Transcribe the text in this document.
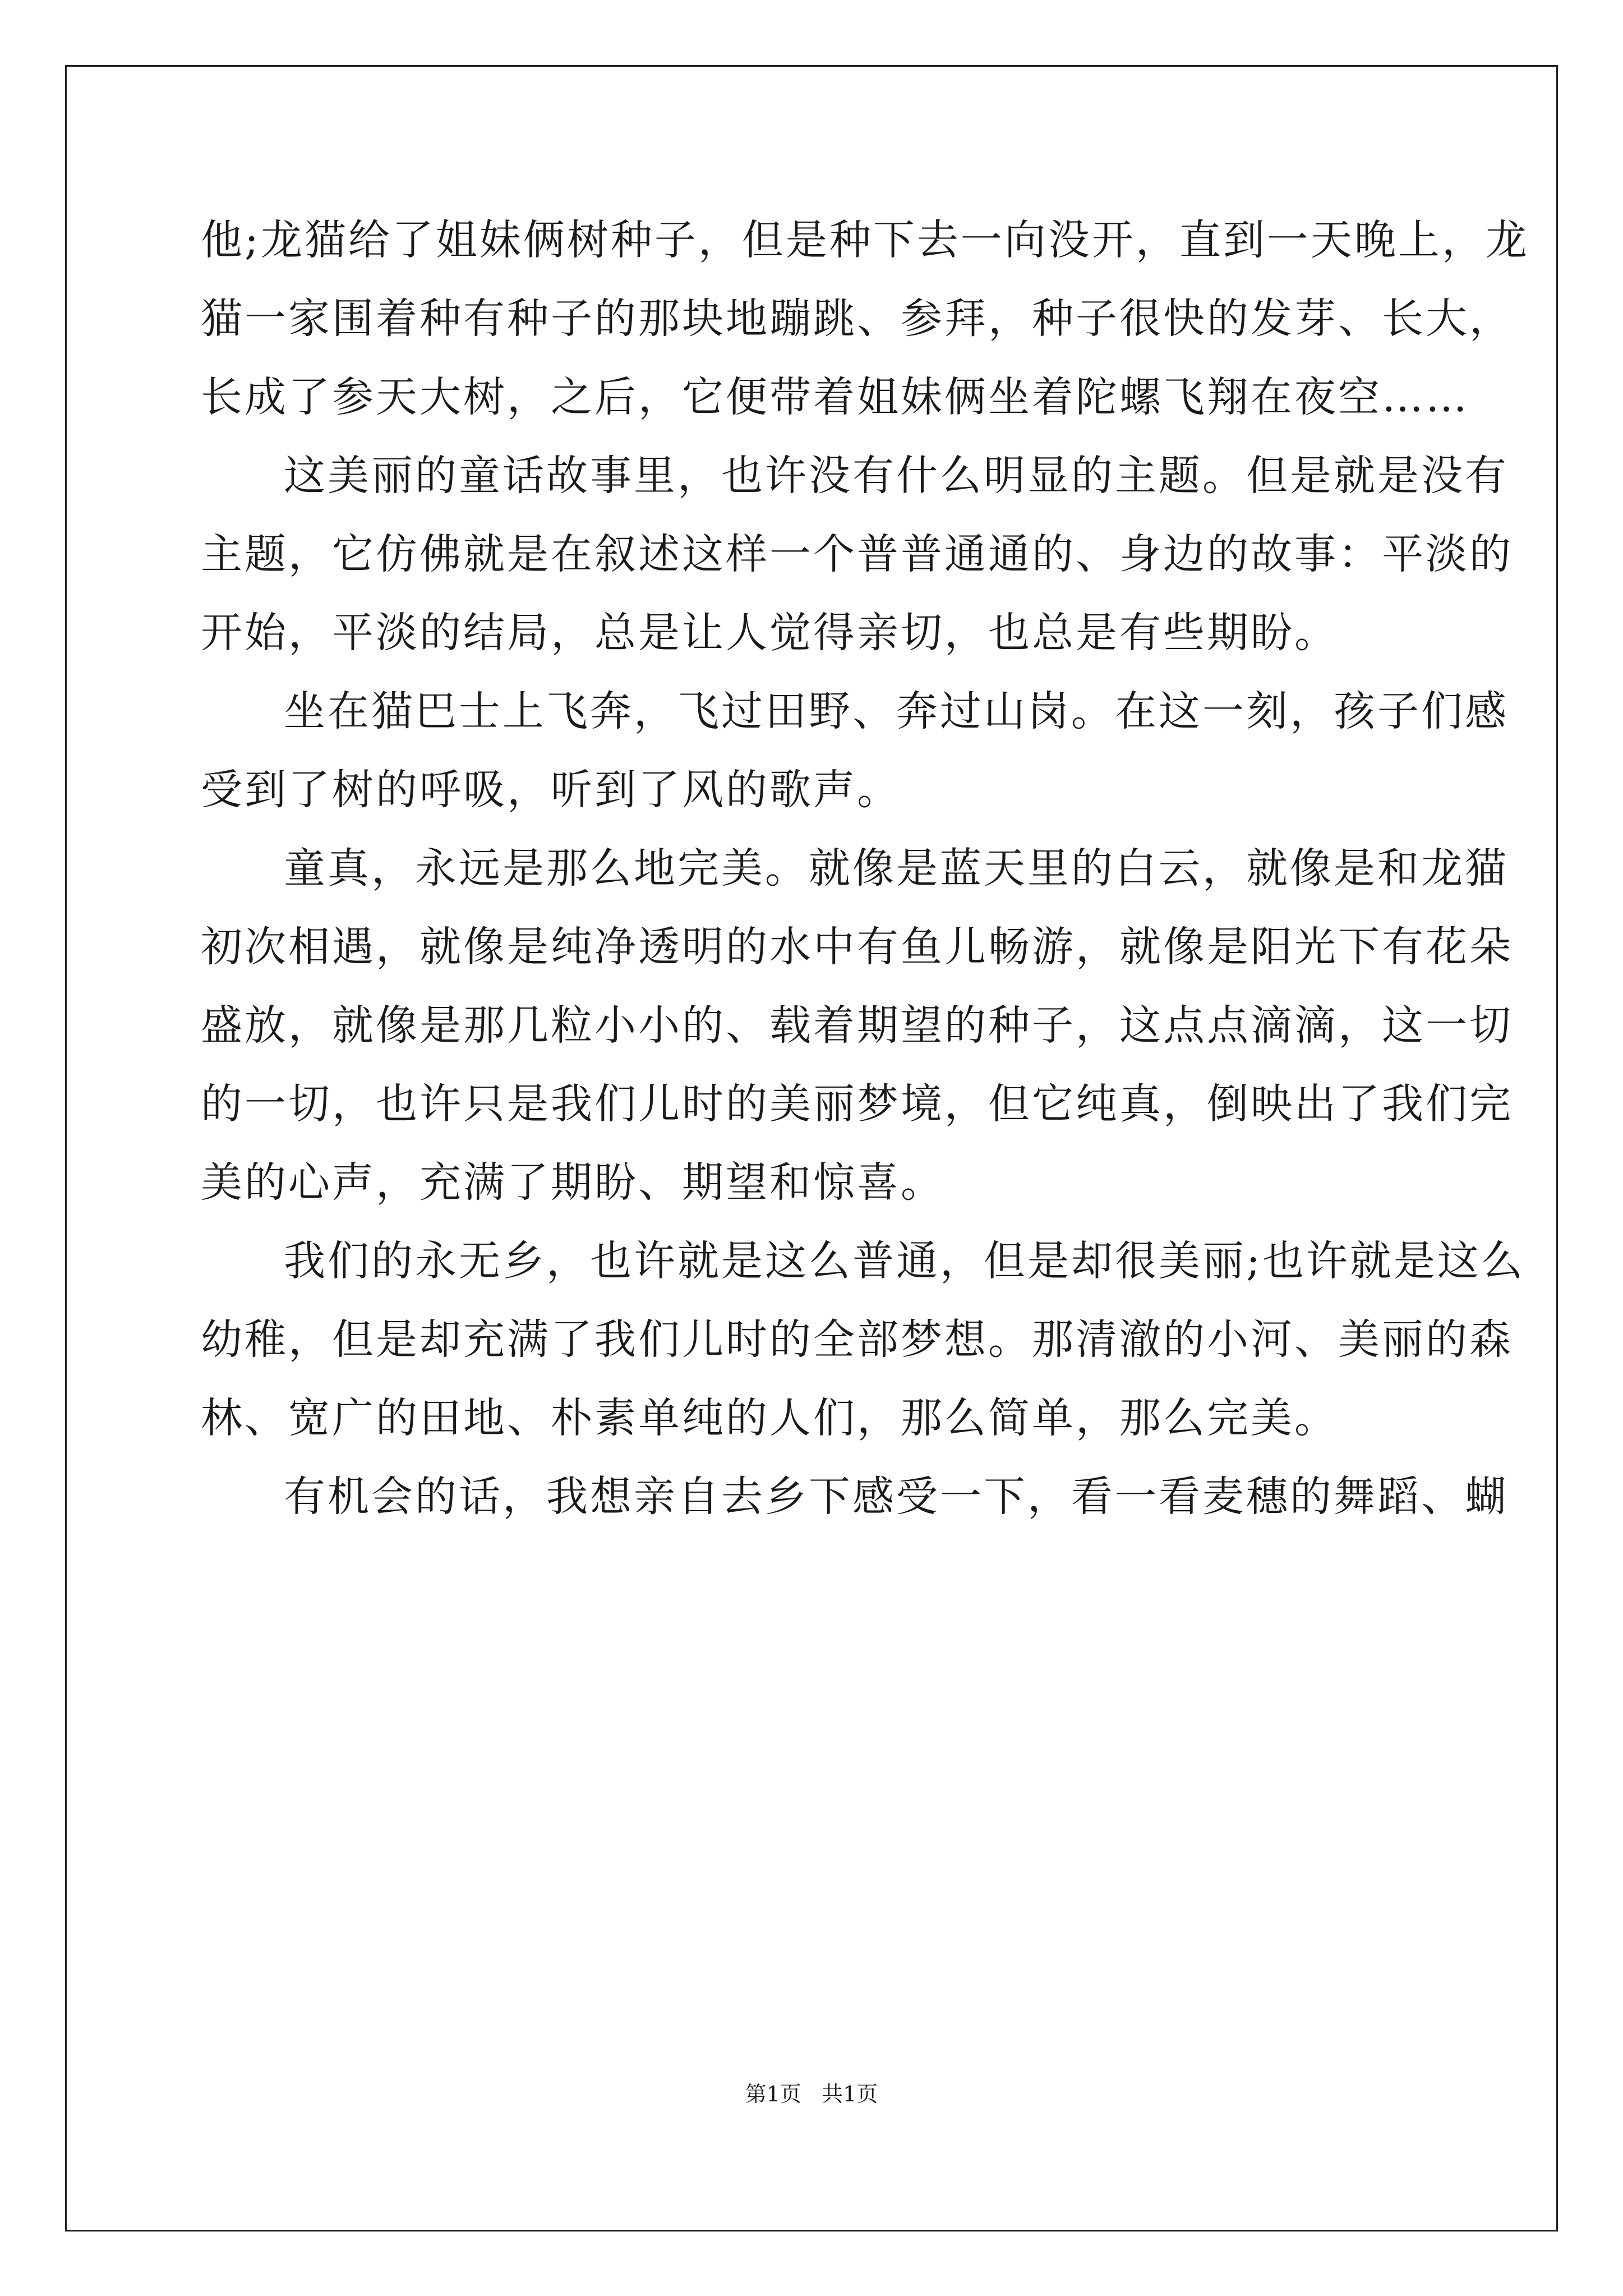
他;龙猫给了姐妹俩树种子，但是种下去一向没开，直到一天晚上，龙
猫一家围着种有种子的那块地蹦跳、参拜，种子很快的发芽、长大，
长成了参天大树，之后，它便带着姐妹俩坐着陀螺飞翔在夜空……
这美丽的童话故事里，也许没有什么明显的主题。但是就是没有
主题，它仿佛就是在叙述这样一个普普通通的、身边的故事：平淡的
开始，平淡的结局，总是让人觉得亲切，也总是有些期盼。
坐在猫巴士上飞奔，飞过田野、奔过山岗。在这一刻，孩子们感
受到了树的呼吸，听到了风的歌声。
童真，永远是那么地完美。就像是蓝天里的白云，就像是和龙猫
初次相遇，就像是纯净透明的水中有鱼儿畅游，就像是阳光下有花朵
盛放，就像是那几粒小小的、载着期望的种子，这点点滴滴，这一切
的一切，也许只是我们儿时的美丽梦境，但它纯真，倒映出了我们完
美的心声，充满了期盼、期望和惊喜。
我们的永无乡，也许就是这么普通，但是却很美丽;也许就是这么
幼稚，但是却充满了我们儿时的全部梦想。那清澈的小河、美丽的森
林、宽广的田地、朴素单纯的人们，那么简单，那么完美。
有机会的话，我想亲自去乡下感受一下，看一看麦穗的舞蹈、蝴
第1页 共1页
